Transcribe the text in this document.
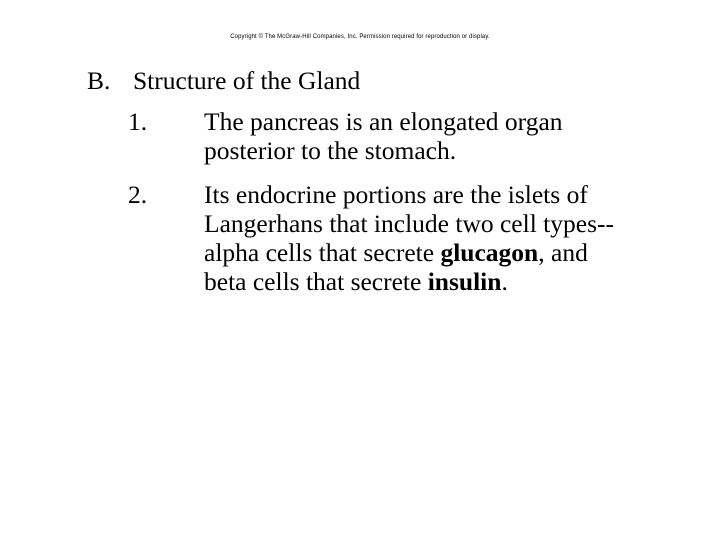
Copyright © The McGraw-Hill Companies, Inc. Permission required for reproduction or display.
B. Structure of the Gland
1. The pancreas is an elongated organ
posterior to the stomach.
2. Its endocrine portions are the islets of
Langerhans that include two cell types--
alpha cells that secrete glucagon, and
beta cells that secrete insulin.
